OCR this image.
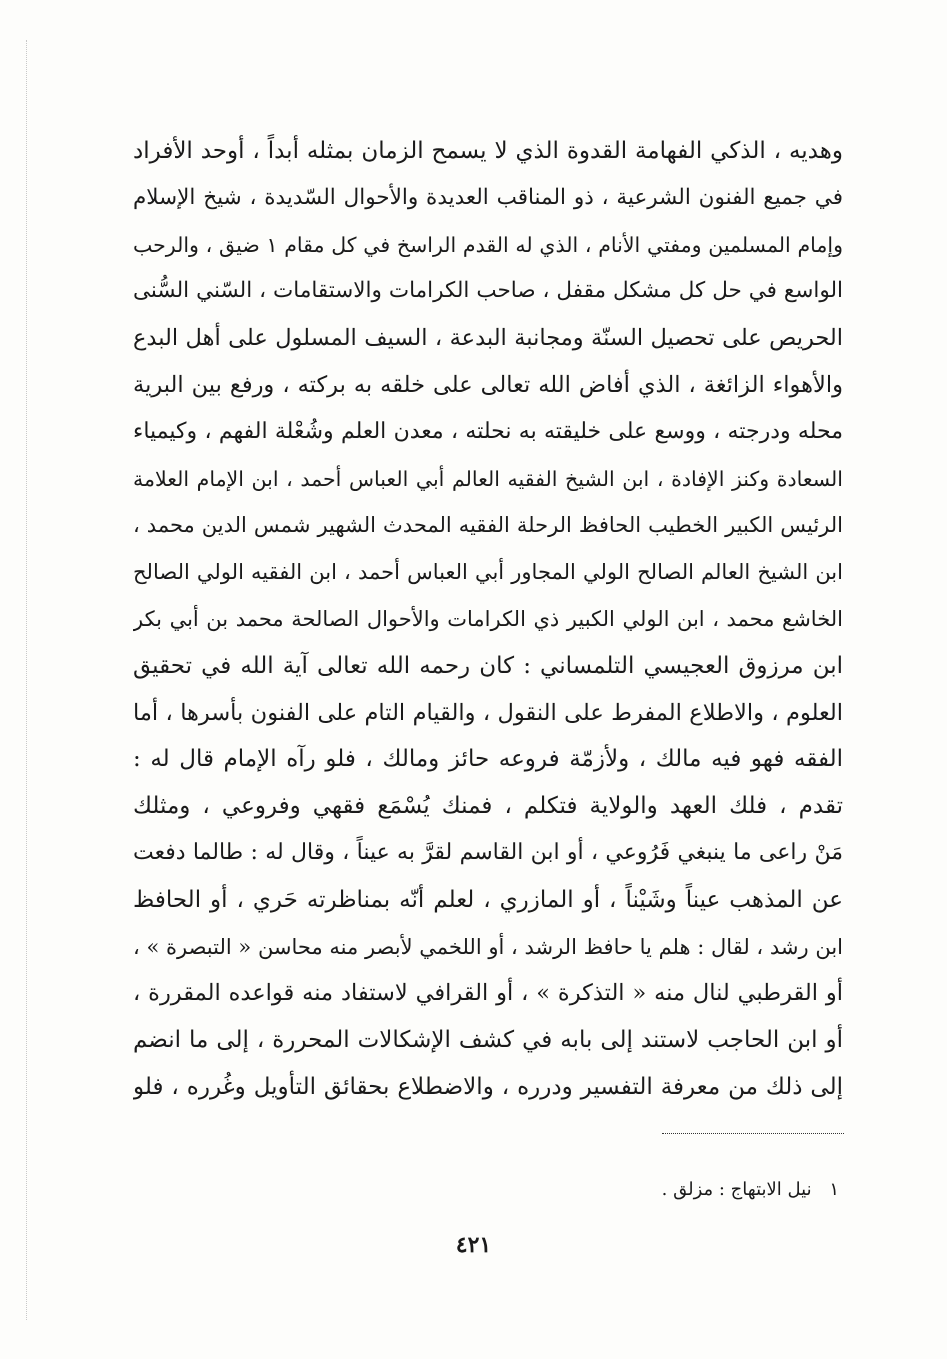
وهديه ، الذكي الفهامة القدوة الذي لا يسمح الزمان بمثله أبداً ، أوحد الأفراد
في جميع الفنون الشرعية ، ذو المناقب العديدة والأحوال السّديدة ، شيخ الإسلام
وإمام المسلمين ومفتي الأنام ، الذي له القدم الراسخ في كل مقام ١ ضيق ، والرحب
الواسع في حل كل مشكل مقفل ، صاحب الكرامات والاستقامات ، السّني السُّنى
الحريص على تحصيل السنّة ومجانبة البدعة ، السيف المسلول على أهل البدع
والأهواء الزائغة ، الذي أفاض الله تعالى على خلقه به بركته ، ورفع بين البرية
محله ودرجته ، ووسع على خليقته به نحلته ، معدن العلم وشُعْلة الفهم ، وكيمياء
السعادة وكنز الإفادة ، ابن الشيخ الفقيه العالم أبي العباس أحمد ، ابن الإمام العلامة
الرئيس الكبير الخطيب الحافظ الرحلة الفقيه المحدث الشهير شمس الدين محمد ،
ابن الشيخ العالم الصالح الولي المجاور أبي العباس أحمد ، ابن الفقيه الولي الصالح
الخاشع محمد ، ابن الولي الكبير ذي الكرامات والأحوال الصالحة محمد بن أبي بكر
ابن مرزوق العجيسي التلمساني : كان رحمه الله تعالى آية الله في تحقيق
العلوم ، والاطلاع المفرط على النقول ، والقيام التام على الفنون بأسرها ، أما
الفقه فهو فيه مالك ، ولأزمّة فروعه حائز ومالك ، فلو رآه الإمام قال له :
تقدم ، فلك العهد والولاية فتكلم ، فمنك يُسْمَع فقهي وفروعي ، ومثلك
مَنْ راعى ما ينبغي فَرُوعي ، أو ابن القاسم لقرَّ به عيناً ، وقال له : طالما دفعت
عن المذهب عيناً وشَيْناً ، أو المازري ، لعلم أنّه بمناظرته حَري ، أو الحافظ
ابن رشد ، لقال : هلم يا حافظ الرشد ، أو اللخمي لأبصر منه محاسن « التبصرة » ،
أو القرطبي لنال منه « التذكرة » ، أو القرافي لاستفاد منه قواعده المقررة ،
أو ابن الحاجب لاستند إلى بابه في كشف الإشكالات المحررة ، إلى ما انضم
إلى ذلك من معرفة التفسير ودرره ، والاضطلاع بحقائق التأويل وغُرره ، فلو
١ نيل الابتهاج : مزلق .
٤٢١
